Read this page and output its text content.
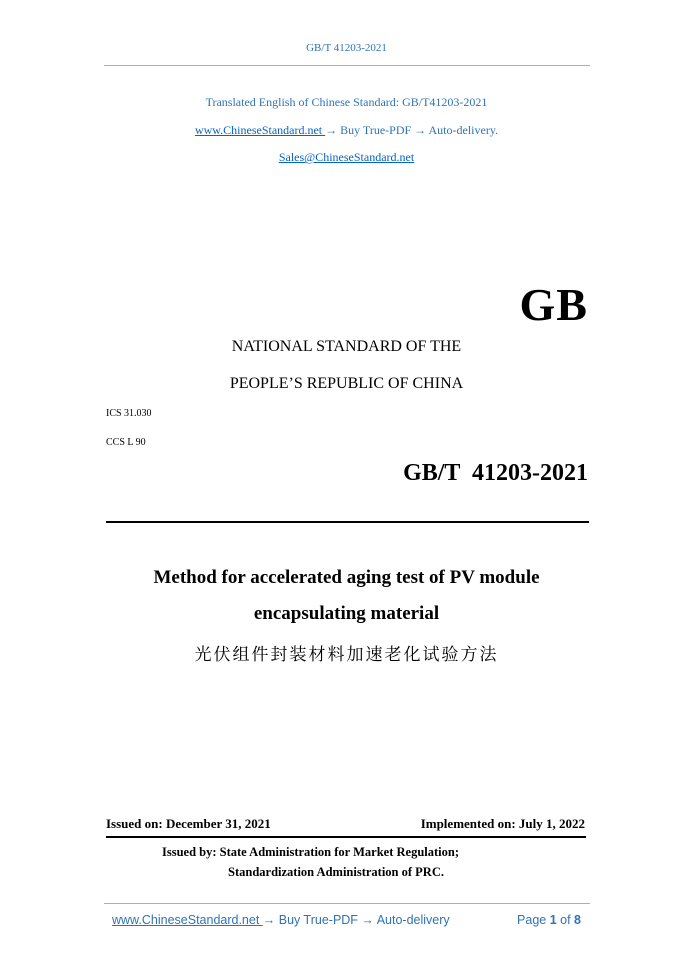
GB/T 41203-2021
Translated English of Chinese Standard: GB/T41203-2021
www.ChineseStandard.net → Buy True-PDF → Auto-delivery.
Sales@ChineseStandard.net
GB
NATIONAL STANDARD OF THE
PEOPLE’S REPUBLIC OF CHINA
ICS 31.030
CCS L 90
GB/T  41203-2021
Method for accelerated aging test of PV module
encapsulating material
光伏组件封装材料加速老化试验方法
Issued on: December 31, 2021	Implemented on: July 1, 2022
Issued by: State Administration for Market Regulation;
Standardization Administration of PRC.
www.ChineseStandard.net → Buy True-PDF → Auto-delivery	Page 1 of 8
